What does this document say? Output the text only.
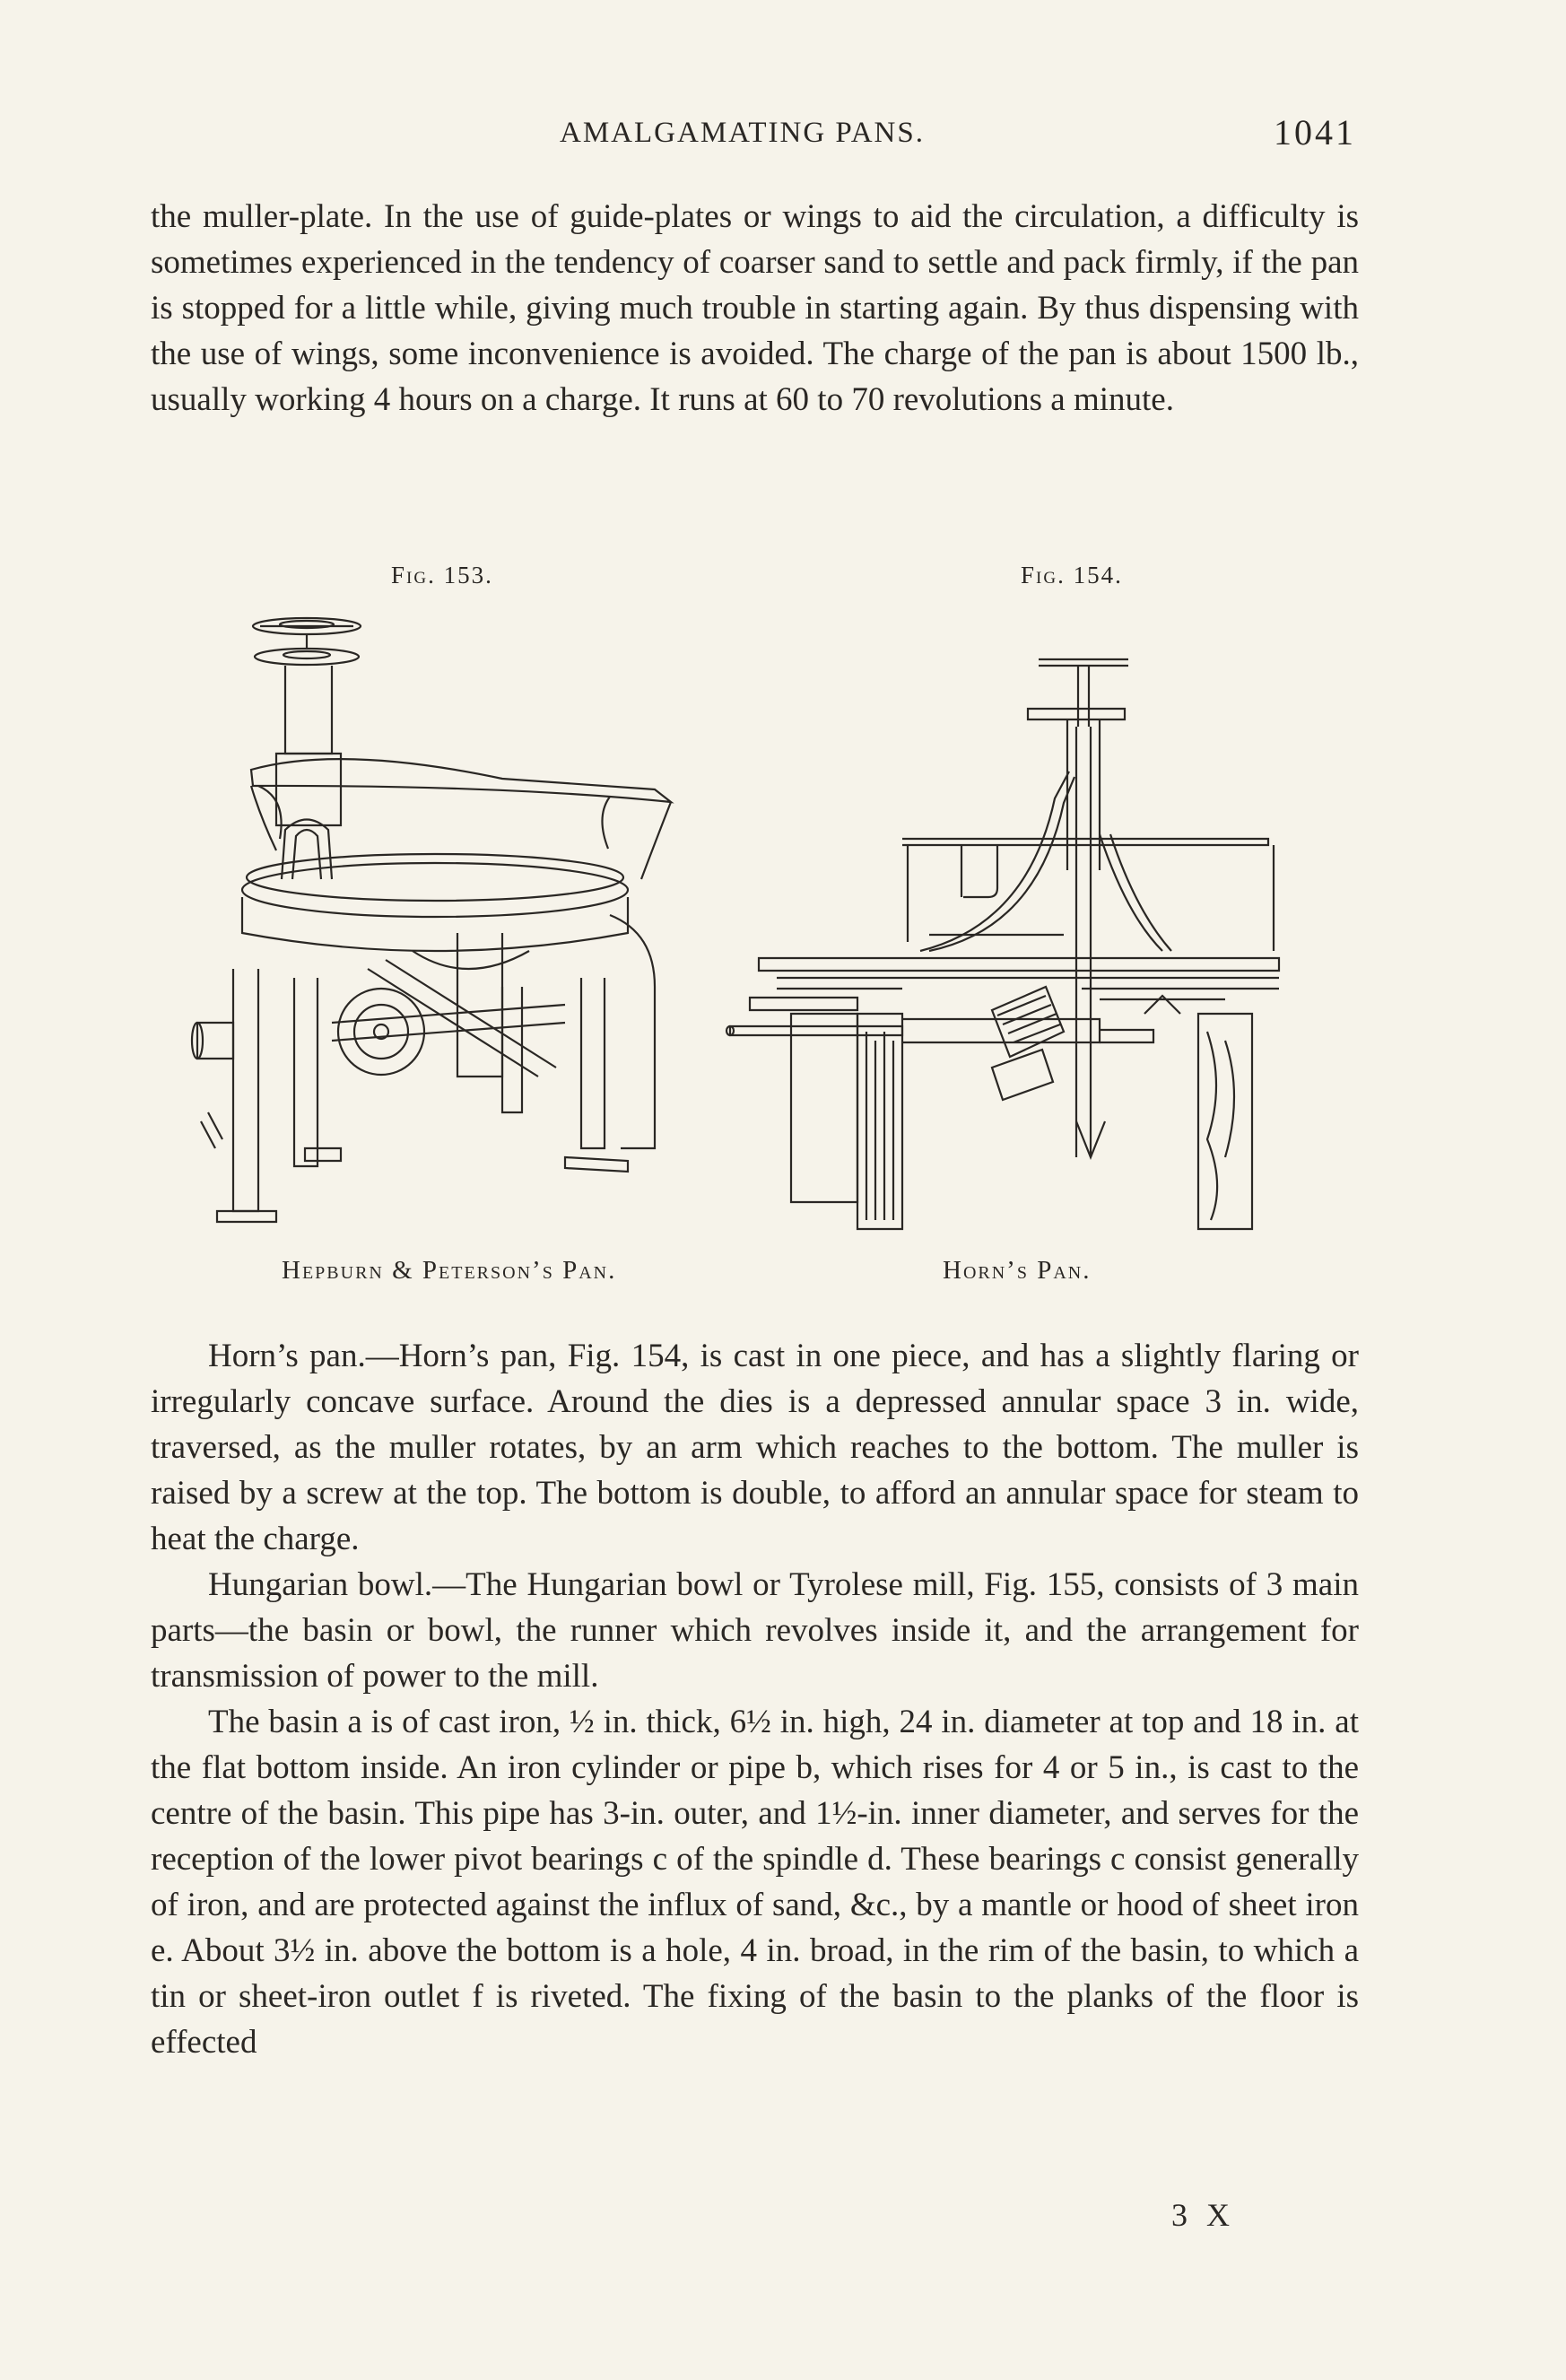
AMALGAMATING PANS.	1041

the muller-plate. In the use of guide-plates or wings to aid the circulation, a difficulty is sometimes experienced in the tendency of coarser sand to settle and pack firmly, if the pan is stopped for a little while, giving much trouble in starting again. By thus dispensing with the use of wings, some inconvenience is avoided. The charge of the pan is about 1500 lb., usually working 4 hours on a charge. It runs at 60 to 70 revolutions a minute.

Fig. 153.
Hepburn & Peterson’s Pan.
Fig. 154.
Horn’s Pan.

Horn’s pan.—Horn’s pan, Fig. 154, is cast in one piece, and has a slightly flaring or irregularly concave surface. Around the dies is a depressed annular space 3 in. wide, traversed, as the muller rotates, by an arm which reaches to the bottom. The muller is raised by a screw at the top. The bottom is double, to afford an annular space for steam to heat the charge.

Hungarian bowl.—The Hungarian bowl or Tyrolese mill, Fig. 155, consists of 3 main parts—the basin or bowl, the runner which revolves inside it, and the arrangement for transmission of power to the mill.

The basin a is of cast iron, ½ in. thick, 6½ in. high, 24 in. diameter at top and 18 in. at the flat bottom inside. An iron cylinder or pipe b, which rises for 4 or 5 in., is cast to the centre of the basin. This pipe has 3-in. outer, and 1½-in. inner diameter, and serves for the reception of the lower pivot bearings c of the spindle d. These bearings c consist generally of iron, and are protected against the influx of sand, &c., by a mantle or hood of sheet iron e. About 3½ in. above the bottom is a hole, 4 in. broad, in the rim of the basin, to which a tin or sheet-iron outlet f is riveted. The fixing of the basin to the planks of the floor is effected

3 X
